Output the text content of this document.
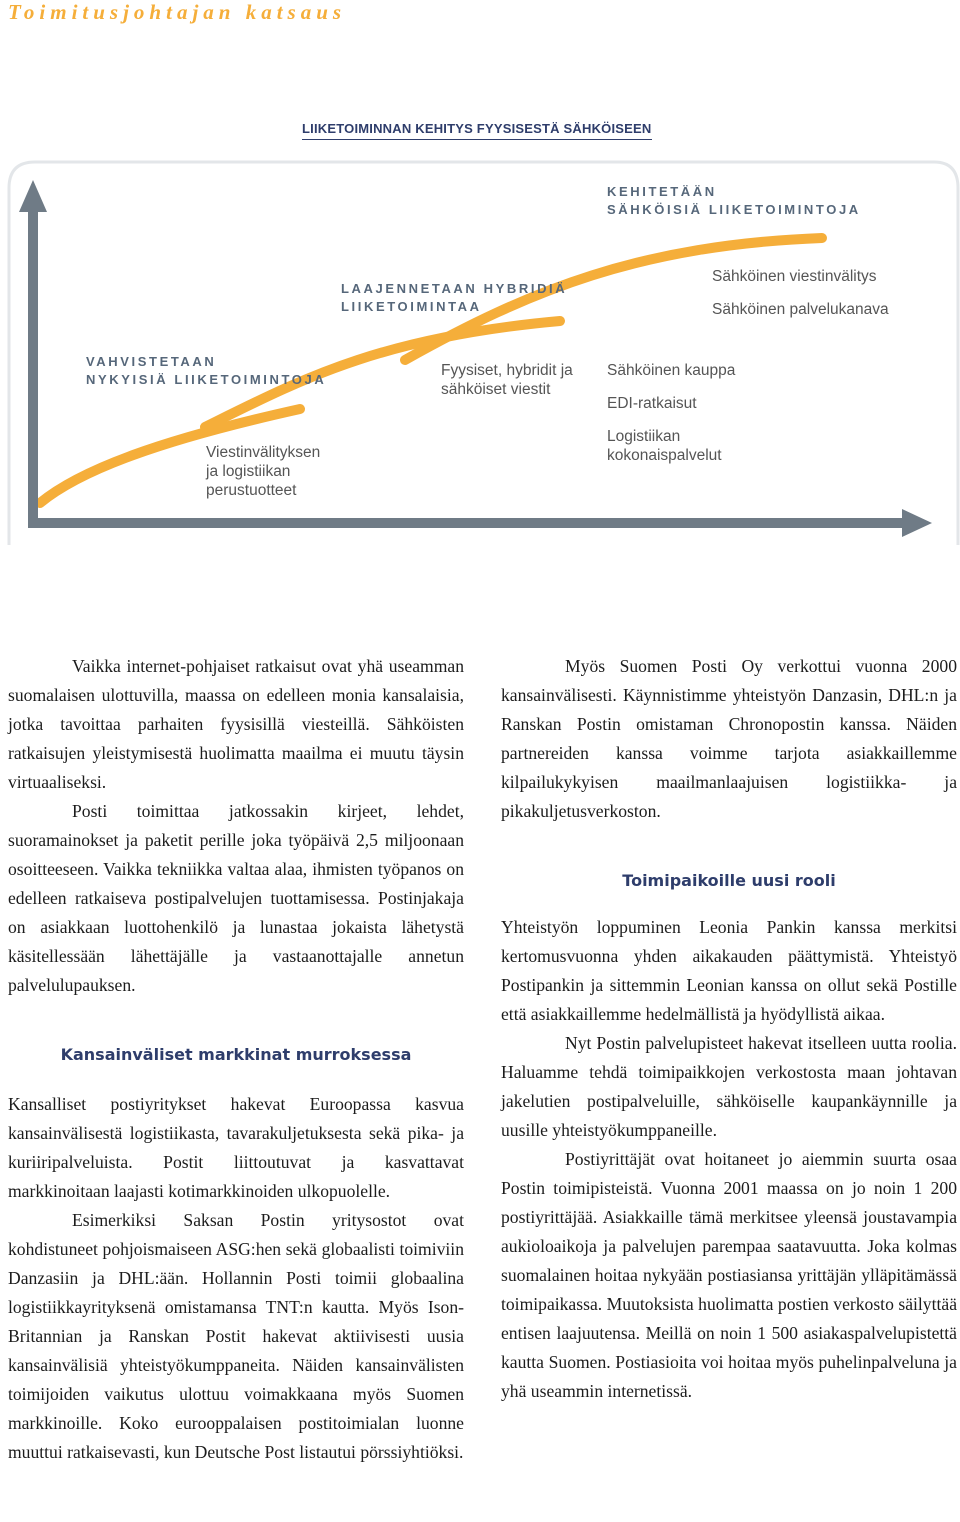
Toimitusjohtajan katsaus
LIIKETOIMINNAN KEHITYS FYYSISESTÄ SÄHKÖISEEN
KEHITETÄÄN
SÄHKÖISIÄ LIIKETOIMINTOJA
LAAJENNETAAN HYBRIDIÄ
LIIKETOIMINTAA
VAHVISTETAAN
NYKYISIÄ LIIKETOIMINTOJA
Sähköinen viestinvälitys
Sähköinen palvelukanava
Sähköinen kauppa
EDI-ratkaisut
Logistiikan
kokonaispalvelut
Fyysiset, hybridit ja
sähköiset viestit
Viestinvälityksen
ja logistiikan
perustuotteet

Vaikka internet-pohjaiset ratkaisut ovat yhä useamman suomalaisen ulottuvilla, maassa on edelleen monia kansalaisia, jotka tavoittaa parhaiten fyysisillä viesteillä. Sähköisten ratkaisujen yleistymisestä huolimatta maailma ei muutu täysin virtuaaliseksi.

Posti toimittaa jatkossakin kirjeet, lehdet, suoramainokset ja paketit perille joka työpäivä 2,5 miljoonaan osoitteeseen. Vaikka tekniikka valtaa alaa, ihmisten työpanos on edelleen ratkaiseva postipalvelujen tuottamisessa. Postinjakaja on asiakkaan luottohenkilö ja lunastaa jokaista lähetystä käsitellessään lähettäjälle ja vastaanottajalle annetun palvelulupauksen.

Kansainväliset markkinat murroksessa

Kansalliset postiyritykset hakevat Euroopassa kasvua kansainvälisestä logistiikasta, tavarakuljetuksesta sekä pika- ja kuriiripalveluista. Postit liittoutuvat ja kasvattavat markkinoitaan laajasti kotimarkkinoiden ulkopuolelle.

Esimerkiksi Saksan Postin yritysostot ovat kohdistuneet pohjoismaiseen ASG:hen sekä globaalisti toimiviin Danzasiin ja DHL:ään. Hollannin Posti toimii globaalina logistiikkayrityksenä omistamansa TNT:n kautta. Myös Ison-Britannian ja Ranskan Postit hakevat aktiivisesti uusia kansainvälisiä yhteistyökumppaneita. Näiden kansainvälisten toimijoiden vaikutus ulottuu voimakkaana myös Suomen markkinoille. Koko eurooppalaisen postitoimialan luonne muuttui ratkaisevasti, kun Deutsche Post listautui pörssiyhtiöksi.

Myös Suomen Posti Oy verkottui vuonna 2000 kansainvälisesti. Käynnistimme yhteistyön Danzasin, DHL:n ja Ranskan Postin omistaman Chronopostin kanssa. Näiden partnereiden kanssa voimme tarjota asiakkaillemme kilpailukykyisen maailmanlaajuisen logistiikka- ja pikakuljetusverkoston.

Toimipaikoille uusi rooli

Yhteistyön loppuminen Leonia Pankin kanssa merkitsi kertomusvuonna yhden aikakauden päättymistä. Yhteistyö Postipankin ja sittemmin Leonian kanssa on ollut sekä Postille että asiakkaillemme hedelmällistä ja hyödyllistä aikaa.

Nyt Postin palvelupisteet hakevat itselleen uutta roolia. Haluamme tehdä toimipaikkojen verkostosta maan johtavan jakelutien postipalveluille, sähköiselle kaupankäynnille ja uusille yhteistyökumppaneille.

Postiyrittäjät ovat hoitaneet jo aiemmin suurta osaa Postin toimipisteistä. Vuonna 2001 maassa on jo noin 1 200 postiyrittäjää. Asiakkaille tämä merkitsee yleensä joustavampia aukioloaikoja ja palvelujen parempaa saatavuutta. Joka kolmas suomalainen hoitaa nykyään postiasiansa yrittäjän ylläpitämässä toimipaikassa. Muutoksista huolimatta postien verkosto säilyttää entisen laajuutensa. Meillä on noin 1 500 asiakaspalvelupistettä kautta Suomen. Postiasioita voi hoitaa myös puhelinpalveluna ja yhä useammin internetissä.
